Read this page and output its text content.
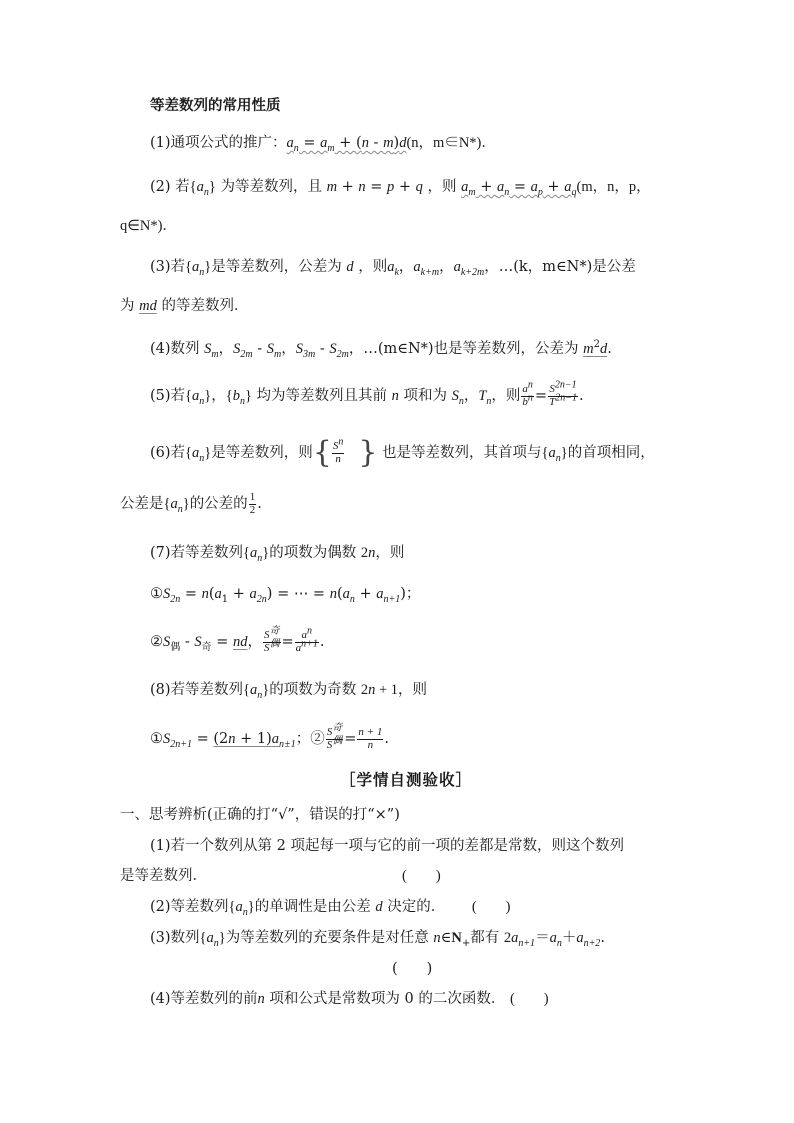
等差数列的常用性质
(1)通项公式的推广：$a_n = a_m + (n - m)d(n$，m∈N*)．
(2) 若$\{a_n\}$ 为等差数列，且 m + n = p + q ，则 $a_m + a_n = a_p + a_q(m$，n，p，
q∈N*)．
(3)若$\{a_n\}$是等差数列，公差为 d ，则$a_k$，$a_{k+m}$，$a_{k+2m}$，…(k，m∈N*)是公差
为 md 的等差数列．
(4)数列 $S_m$，$S_{2m} - S_m$，$S_{3m} - S_{2m}$，…(m∈N*)也是等差数列，公差为 $m^2d$.
(5)若$\{a_n\}$，$\{b_n\}$ 均为等差数列且其前 n 项和为 $S_n$，$T_n$，则 $\frac{a^n}{b^n} = \frac{S^{2n-1}}{T^{2n-1}}$ .
(6)若$\{a_n\}$是等差数列，则{ $\frac{S^n}{n}$ } 也是等差数列，其首项与$\{a_n\}$的首项相同，
公差是$\{a_n\}$的公差的 $\frac{1}{2}$ .
(7)若等差数列$\{a_n\}$的项数为偶数 2n，则
$①S_{2n} = n(a_1 + a_{2n})$ = ⋯ = $n(a_n + a_{n+1})$；
$②S_偶 - S_奇$ = nd， $\frac{S^奇}{S^偶} = \frac{a^n}{a^{n+1}}$ .
(8)若等差数列$\{a_n\}$的项数为奇数 2n + 1，则
$①S_{2n+1} = (2n + 1)a_{n+1}$；② $\frac{S^奇}{S^偶} = \frac{n + 1}{n}$ .
［学情自测验收］
一、思考辨析(正确的打“√”，错误的打“×”)
(1)若一个数列从第 2 项起每一项与它的前一项的差都是常数，则这个数列
是等差数列．	(　　)
(2)等差数列$\{a_n\}$的单调性是由公差 d 决定的． (　　)
(3)数列$\{a_n\}$为等差数列的充要条件是对任意 $n\in N_+$都有 $2a_{n+1}=a_n+a_{n+2}$.
(　　)
(4)等差数列的前n 项和公式是常数项为 0 的二次函数． (　　)
